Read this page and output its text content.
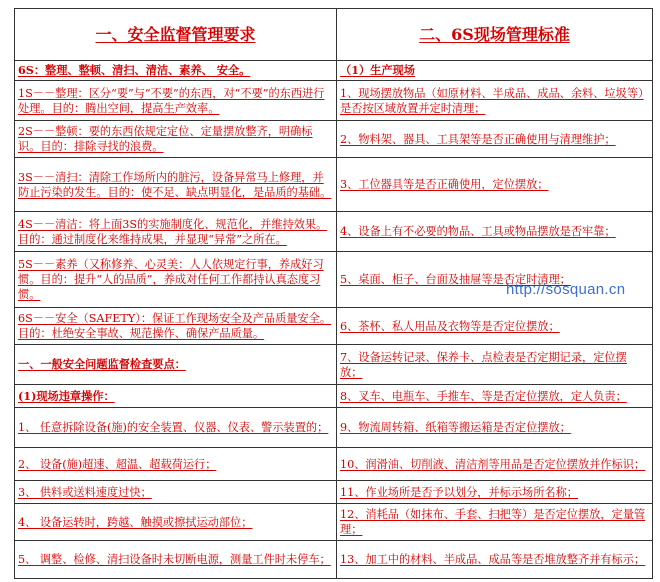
一、安全监督管理要求	二、6S现场管理标准
6S：整理、整顿、清扫、清洁、素养、 安全。	（1）生产现场
1S－－整理：区分“要”与“不要”的东西，对“不要”的东西进行处理。目的：腾出空间，提高生产效率。	1、现场摆放物品（如原材料、半成品、成品、余料、垃圾等）是否按区域放置并定时清理；
2S－－整顿：要的东西依规定定位、定量摆放整齐，明确标识。目的：排除寻找的浪费。	2、物料架、器具、工具架等是否正确使用与清理维护；
3S－－清扫：清除工作场所内的脏污，设备异常马上修理，并防止污染的发生。目的：使不足、缺点明显化，是品质的基础。	3、工位器具等是否正确使用，定位摆放；
4S－－清洁：将上面3S的实施制度化、规范化，并维持效果。目的：通过制度化来维持成果，并显现“异常”之所在。	4、设备上有不必要的物品、工具或物品摆放是否牢靠；
5S－－素养（又称修养、心灵美：人人依规定行事，养成好习惯。目的：提升“人的品质”，养成对任何工作都持认真态度习惯。	5、桌面、柜子、台面及抽屉等是否定时清理；
6S－－安全（SAFETY）：保证工作现场安全及产品质量安全。目的：杜绝安全事故、规范操作、确保产品质量。	6、茶杯、私人用品及衣物等是否定位摆放；
一、一般安全问题监督检查要点：	7、设备运转记录、保养卡、点检表是否定期记录，定位摆放；
(1)现场违章操作：	8、叉车、电瓶车、手推车、等是否定位摆放，定人负责；
1、 任意拆除设备(施)的安全装置、仪器、仪表、警示装置的；	9、物流周转箱、纸箱等搬运箱是否定位摆放；
2、 设备(施)超速、超温、超载荷运行；	10、润滑油、切削液、清洁剂等用品是否定位摆放并作标识；
3、 供料或送料速度过快；	11、作业场所是否予以划分，并标示场所名称；
4、 设备运转时，跨越、触摸或擦拭运动部位；	12、消耗品（如抹布、手套、扫把等）是否定位摆放，定量管理；
5、 调整、检修、清扫设备时未切断电源，测量工件时未停车；	13、加工中的材料、半成品、成品等是否堆放整齐并有标示；
http://sosquan.cn
